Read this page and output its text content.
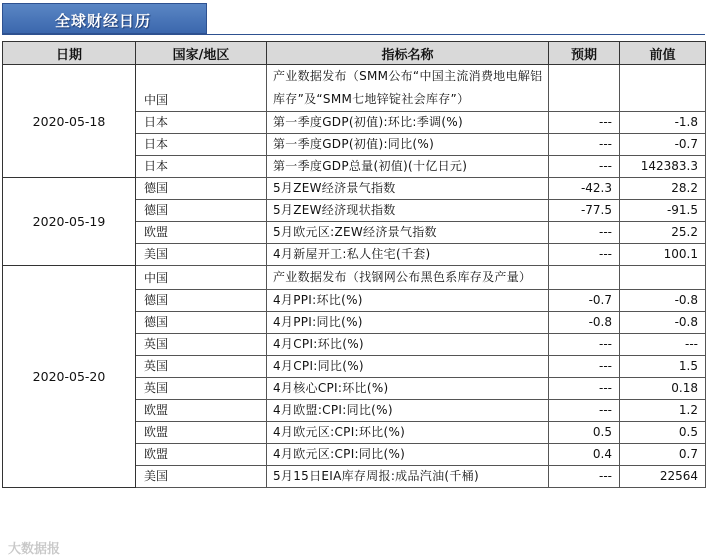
全球财经日历
日期	国家/地区	指标名称	预期	前值
2020-05-18	中国	产业数据发布（SMM公布“中国主流消费地电解铝库存”及“SMM七地锌锭社会库存”）		
	日本	第一季度GDP(初值):环比:季调(%)	---	-1.8
	日本	第一季度GDP(初值):同比(%)	---	-0.7
	日本	第一季度GDP总量(初值)(十亿日元)	---	142383.3
2020-05-19	德国	5月ZEW经济景气指数	-42.3	28.2
	德国	5月ZEW经济现状指数	-77.5	-91.5
	欧盟	5月欧元区:ZEW经济景气指数	---	25.2
	美国	4月新屋开工:私人住宅(千套)	---	100.1
2020-05-20	中国	产业数据发布（找钢网公布黑色系库存及产量）		
	德国	4月PPI:环比(%)	-0.7	-0.8
	德国	4月PPI:同比(%)	-0.8	-0.8
	英国	4月CPI:环比(%)	---	---
	英国	4月CPI:同比(%)	---	1.5
	英国	4月核心CPI:环比(%)	---	0.18
	欧盟	4月欧盟:CPI:同比(%)	---	1.2
	欧盟	4月欧元区:CPI:环比(%)	0.5	0.5
	欧盟	4月欧元区:CPI:同比(%)	0.4	0.7
	美国	5月15日EIA库存周报:成品汽油(千桶)	---	22564
大数据报
